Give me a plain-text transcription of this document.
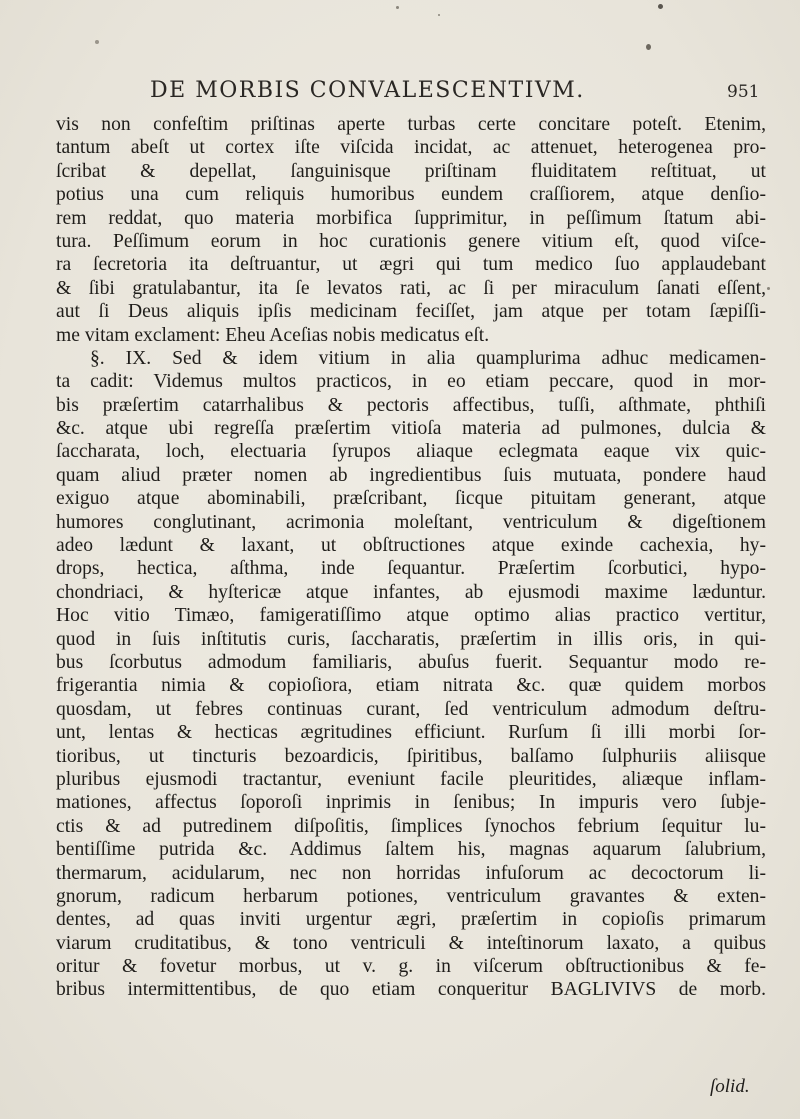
DE MORBIS CONVALESCENTIVM.	951
vis non confeſtim priſtinas aperte turbas certe concitare poteſt. Etenim,
tantum abeſt ut cortex iſte viſcida incidat, ac attenuet, heterogenea pro-
ſcribat & depellat, ſanguinisque priſtinam fluiditatem reſtituat, ut
potius una cum reliquis humoribus eundem craſſiorem, atque denſio-
rem reddat, quo materia morbifica ſupprimitur, in peſſimum ſtatum abi-
tura. Peſſimum eorum in hoc curationis genere vitium eſt, quod viſce-
ra ſecretoria ita deſtruantur, ut ægri qui tum medico ſuo applaudebant
& ſibi gratulabantur, ita ſe levatos rati, ac ſi per miraculum ſanati eſſent,
aut ſi Deus aliquis ipſis medicinam feciſſet, jam atque per totam ſæpiſſi-
me vitam exclament: Eheu Aceſias nobis medicatus eſt.
§. IX. Sed & idem vitium in alia quamplurima adhuc medicamen-
ta cadit: Videmus multos practicos, in eo etiam peccare, quod in mor-
bis præſertim catarrhalibus & pectoris affectibus, tuſſi, aſthmate, phthiſi
&c. atque ubi regreſſa præſertim vitioſa materia ad pulmones, dulcia &
ſaccharata, loch, electuaria ſyrupos aliaque eclegmata eaque vix quic-
quam aliud præter nomen ab ingredientibus ſuis mutuata, pondere haud
exiguo atque abominabili, præſcribant, ſicque pituitam generant, atque
humores conglutinant, acrimonia moleſtant, ventriculum & digeſtionem
adeo lædunt & laxant, ut obſtructiones atque exinde cachexia, hy-
drops, hectica, aſthma, inde ſequantur. Præſertim ſcorbutici, hypo-
chondriaci, & hyſtericæ atque infantes, ab ejusmodi maxime læduntur.
Hoc vitio Timæo, famigeratiſſimo atque optimo alias practico vertitur,
quod in ſuis inſtitutis curis, ſaccharatis, præſertim in illis oris, in qui-
bus ſcorbutus admodum familiaris, abuſus fuerit. Sequantur modo re-
frigerantia nimia & copioſiora, etiam nitrata &c. quæ quidem morbos
quosdam, ut febres continuas curant, ſed ventriculum admodum deſtru-
unt, lentas & hecticas ægritudines efficiunt. Rurſum ſi illi morbi ſor-
tioribus, ut tincturis bezoardicis, ſpiritibus, balſamo ſulphuriis aliisque
pluribus ejusmodi tractantur, eveniunt facile pleuritides, aliæque inflam-
mationes, affectus ſoporoſi inprimis in ſenibus; In impuris vero ſubje-
ctis & ad putredinem diſpoſitis, ſimplices ſynochos febrium ſequitur lu-
bentiſſime putrida &c. Addimus ſaltem his, magnas aquarum ſalubrium,
thermarum, acidularum, nec non horridas infuſorum ac decoctorum li-
gnorum, radicum herbarum potiones, ventriculum gravantes & exten-
dentes, ad quas inviti urgentur ægri, præſertim in copioſis primarum
viarum cruditatibus, & tono ventriculi & inteſtinorum laxato, a quibus
oritur & fovetur morbus, ut v. g. in viſcerum obſtructionibus & fe-
bribus intermittentibus, de quo etiam conqueritur BAGLIVIVS de morb.
ſolid.
